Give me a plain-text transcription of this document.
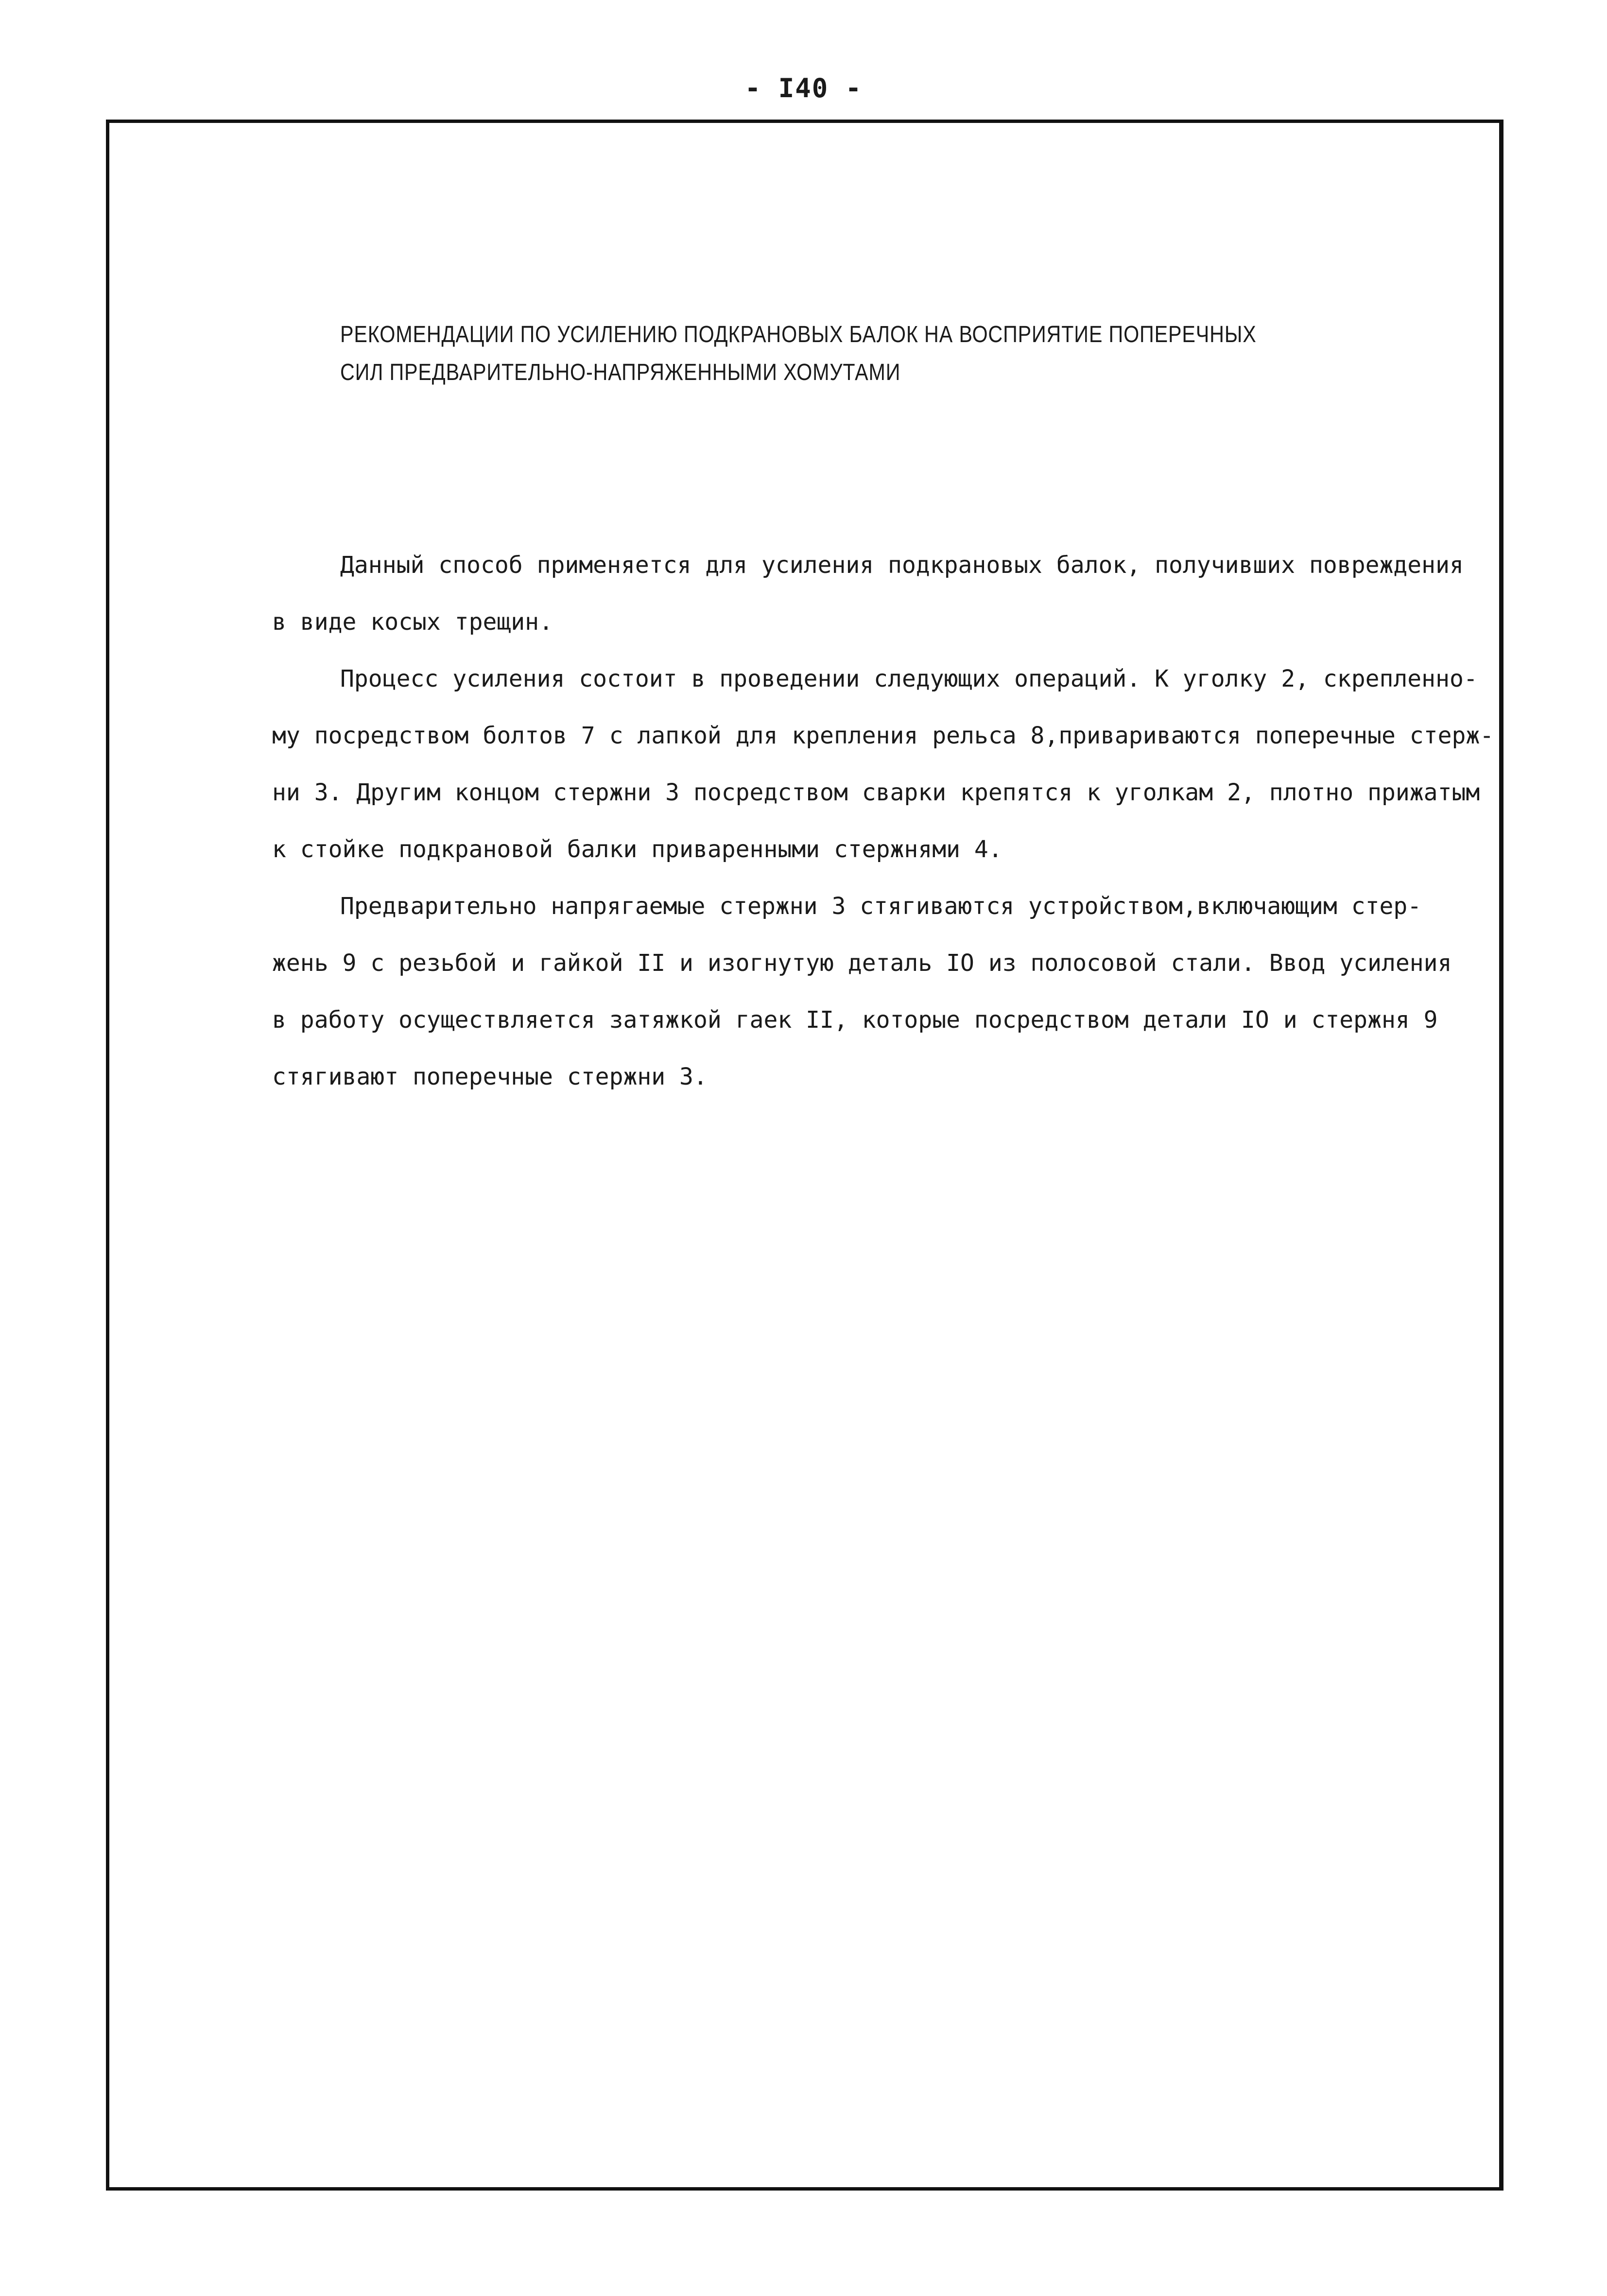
- I40 -
РЕКОМЕНДАЦИИ ПО УСИЛЕНИЮ ПОДКРАНОВЫХ БАЛОК НА ВОСПРИЯТИЕ ПОПЕРЕЧНЫХ
СИЛ ПРЕДВАРИТЕЛЬНО-НАПРЯЖЕННЫМИ ХОМУТАМИ
Данный способ применяется для усиления подкрановых балок, получивших повреждения
в виде косых трещин.
Процесс усиления состоит в проведении следующих операций. К уголку 2, скрепленно-
му посредством болтов 7 с лапкой для крепления рельса 8,привариваются поперечные стерж-
ни 3. Другим концом стержни 3 посредством сварки крепятся к уголкам 2, плотно прижатым
к стойке подкрановой балки приваренными стержнями 4.
Предварительно напрягаемые стержни 3 стягиваются устройством,включающим стер-
жень 9 с резьбой и гайкой II и изогнутую деталь IO из полосовой стали. Ввод усиления
в работу осуществляется затяжкой гаек II, которые посредством детали IO и стержня 9
стягивают поперечные стержни 3.
